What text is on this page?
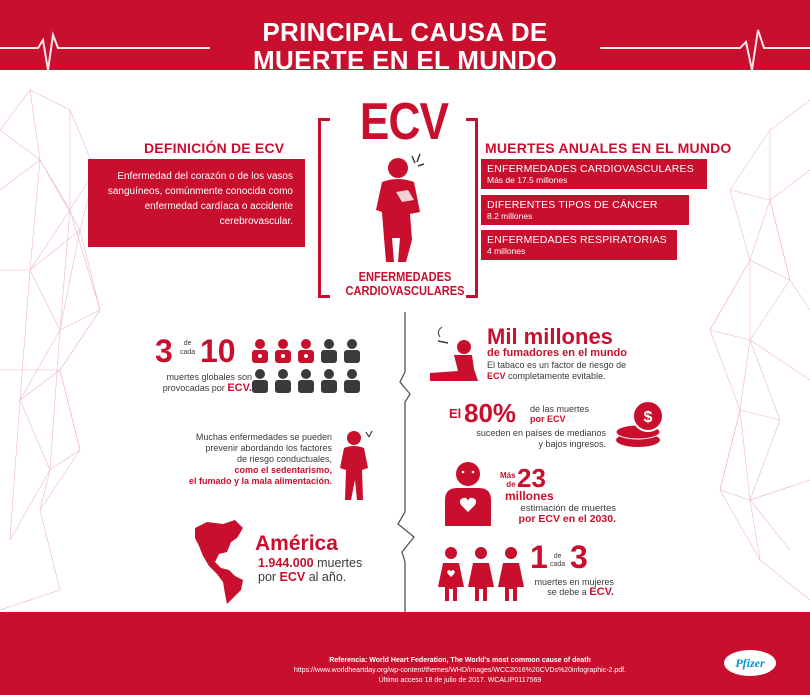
PRINCIPAL CAUSA DE
MUERTE EN EL MUNDO
DEFINICIÓN DE ECV
Enfermedad del corazón o de los vasos sanguíneos, comúnmente conocida como enfermedad cardíaca o accidente cerebrovascular.
ECV
ENFERMEDADES
CARDIOVASCULARES
MUERTES ANUALES EN EL MUNDO
ENFERMEDADES CARDIOVASCULARES
Más de 17.5 millones
DIFERENTES TIPOS DE CÁNCER
8.2 millones
ENFERMEDADES RESPIRATORIAS
4 millones
3	de
cada 10
muertes globales son
provocadas por ECV.
Muchas enfermedades se pueden
prevenir abordando los factores
de riesgo conductuales,
como el sedentarismo,
el fumado y la mala alimentación.
América
1.944.000 muertes
por ECV al año.
Mil millones
de fumadores en el mundo
El tabaco es un factor de riesgo de
ECV completamente evitable.
El 80% de las muertes
por ECV
suceden en países de medianos
y bajos ingresos.
$
Más
de 23
millones
estimación de muertes
por ECV en el 2030.
1 de
cada 3
muertes en mujeres
se debe a ECV.
Referencia: World Heart Federation, The World's most common cause of death
https://www.worldheartday.org/wp-content/themes/WHD/images/WCC2016%20CVDs%20infographic-2.pdf.
Último acceso 18 de julio de 2017. WCALIP0117569
Pfizer
